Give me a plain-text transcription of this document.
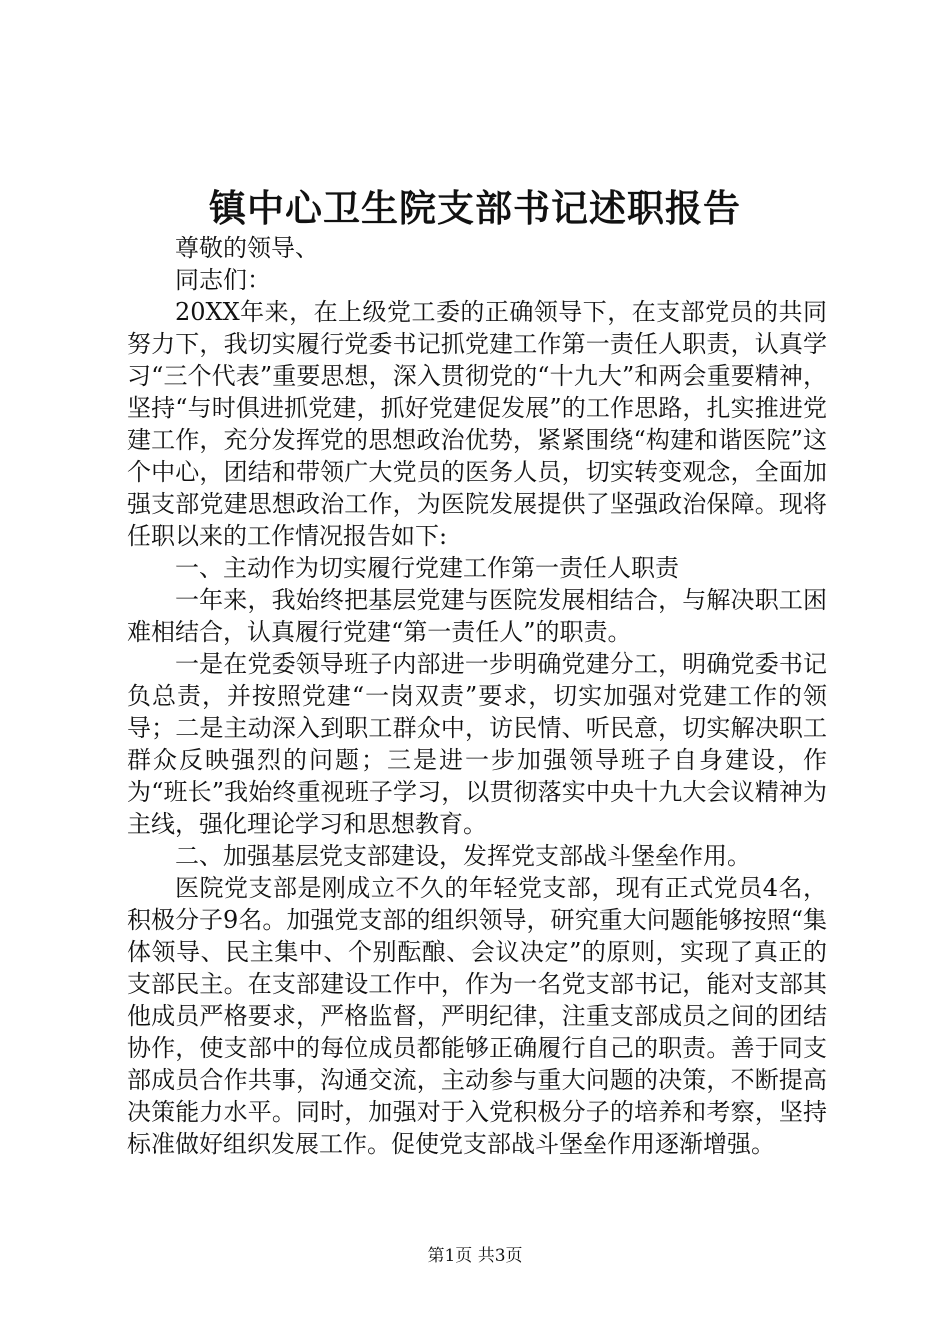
镇中心卫生院支部书记述职报告

尊敬的领导、

同志们：

20XX年来，在上级党工委的正确领导下，在支部党员的共同努力下，我切实履行党委书记抓党建工作第一责任人职责，认真学习“三个代表”重要思想，深入贯彻党的“十九大”和两会重要精神，坚持“与时俱进抓党建，抓好党建促发展”的工作思路，扎实推进党建工作，充分发挥党的思想政治优势，紧紧围绕“构建和谐医院”这个中心，团结和带领广大党员的医务人员，切实转变观念，全面加强支部党建思想政治工作，为医院发展提供了坚强政治保障。现将任职以来的工作情况报告如下:

一、主动作为切实履行党建工作第一责任人职责

一年来，我始终把基层党建与医院发展相结合，与解决职工困难相结合，认真履行党建“第一责任人”的职责。

一是在党委领导班子内部进一步明确党建分工，明确党委书记负总责，并按照党建“一岗双责”要求，切实加强对党建工作的领导；二是主动深入到职工群众中，访民情、听民意，切实解决职工群众反映强烈的问题；三是进一步加强领导班子自身建设，作为“班长”我始终重视班子学习，以贯彻落实中央十九大会议精神为主线，强化理论学习和思想教育。

二、加强基层党支部建设，发挥党支部战斗堡垒作用。

医院党支部是刚成立不久的年轻党支部，现有正式党员4名，积极分子9名。加强党支部的组织领导，研究重大问题能够按照“集体领导、民主集中、个别酝酿、会议决定”的原则，实现了真正的支部民主。在支部建设工作中，作为一名党支部书记，能对支部其他成员严格要求，严格监督，严明纪律，注重支部成员之间的团结协作，使支部中的每位成员都能够正确履行自己的职责。善于同支部成员合作共事，沟通交流，主动参与重大问题的决策，不断提高决策能力水平。同时，加强对于入党积极分子的培养和考察，坚持标准做好组织发展工作。促使党支部战斗堡垒作用逐渐增强。

第1页 共3页
